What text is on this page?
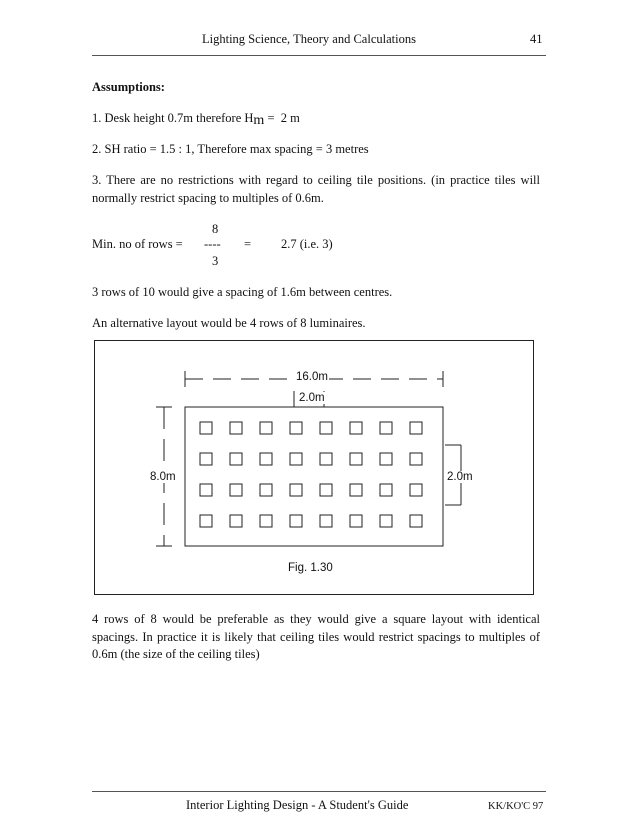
Lighting Science, Theory and Calculations	41
Assumptions:
1. Desk height 0.7m therefore Hm =  2 m
2. SH ratio = 1.5 : 1, Therefore max spacing = 3 metres
3. There are no restrictions with regard to ceiling tile positions. (in practice tiles will normally restrict spacing to multiples of 0.6m.
8
Min. no of rows = ---- = 2.7 (i.e. 3)
3
3 rows of 10 would give a spacing of 1.6m between centres.
An alternative layout would be 4 rows of 8 luminaires.
16.0m
2.0m
8.0m	2.0m
Fig. 1.30
4 rows of 8 would be preferable as they would give a square layout with identical spacings. In practice it is likely that ceiling tiles would restrict spacings to multiples of 0.6m (the size of the ceiling tiles)
Interior Lighting Design - A Student's Guide	KK/KO'C 97
